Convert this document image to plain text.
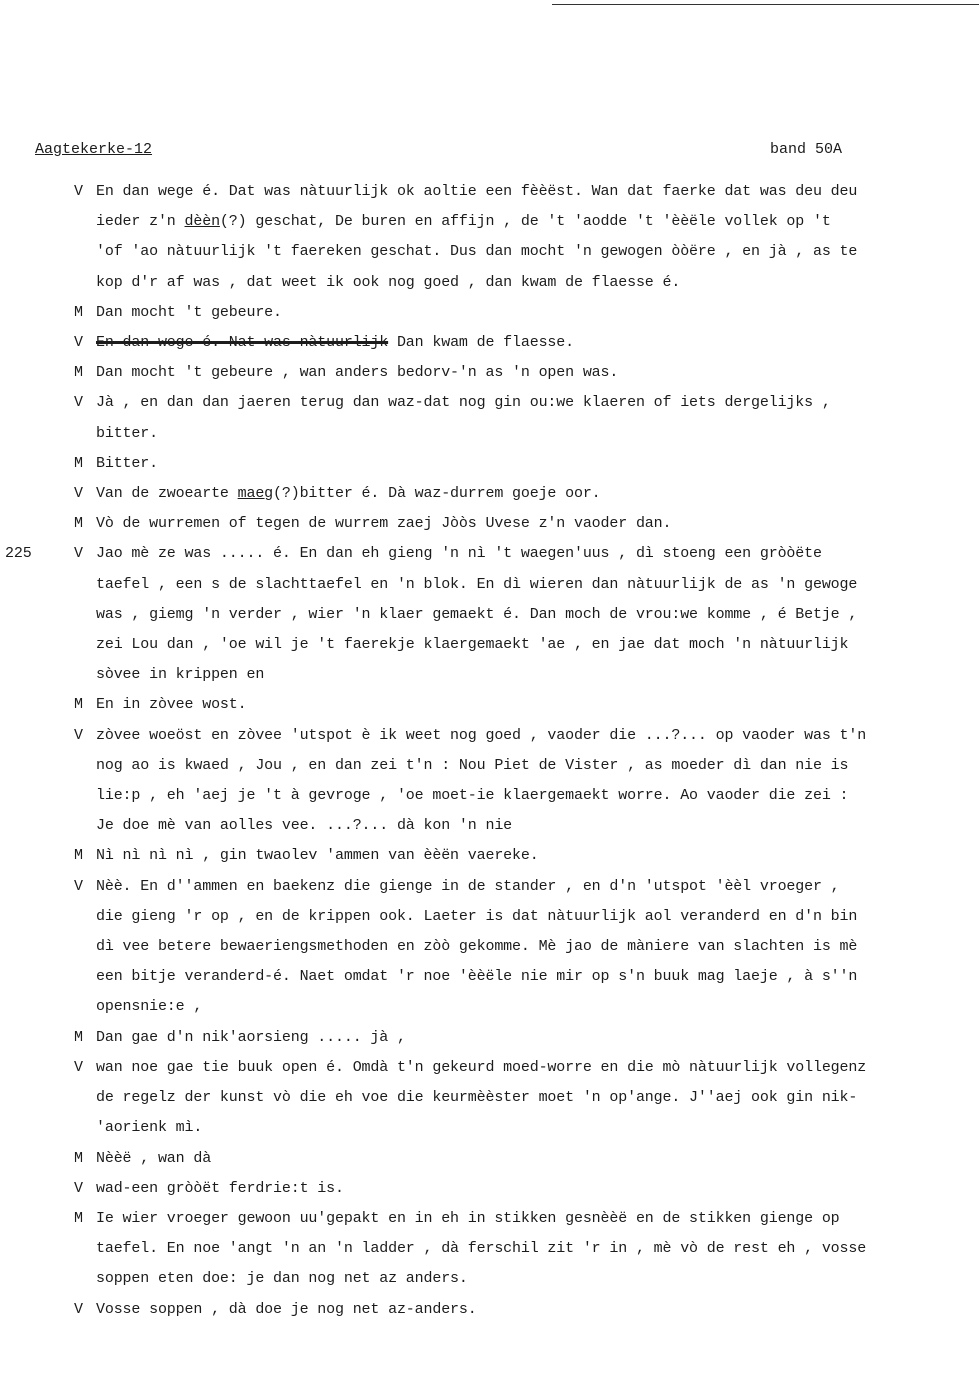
Aagtekerke-12	band 50A
V En dan wege é. Dat was nàtuurlijk ok aoltie een fèèëst. Wan dat faerke dat was deu deu
ieder z'n dèèn(?) geschat, De buren en affijn , de 't 'aodde 't 'èèële vollek op 't
'of 'ao nàtuurlijk 't faereken geschat. Dus dan mocht 'n gewogen òòëre , en jà , as te
kop d'r af was , dat weet ik ook nog goed , dan kwam de flaesse é.
M Dan mocht 't gebeure.
V En dan wege é. Nat was nàtuurlijk Dan kwam de flaesse.
M Dan mocht 't gebeure , wan anders bedorv-'n as 'n open was.
V Jà , en dan dan jaeren terug dan waz-dat nog gin ou:we klaeren of iets dergelijks ,
bitter.
M Bitter.
V Van de zwoearte maeg(?)bitter é. Dà waz-durrem goeje oor.
M Vò de wurremen of tegen de wurrem zaej Jòòs Uvese z'n vaoder dan.
225	V Jao mè ze was ..... é. En dan eh gieng 'n nì 't waegen'uus , dì stoeng een gròòëte
taefel , een s de slachttaefel en 'n blok. En dì wieren dan nàtuurlijk de as 'n gewoge
was , giemg 'n verder , wier 'n klaer gemaekt é. Dan moch de vrou:we komme , é Betje ,
zei Lou dan , 'oe wil je 't faerekje klaergemaekt 'ae , en jae dat moch 'n nàtuurlijk
sòvee in krippen en
M En in zòvee wost.
V zòvee woeöst en zòvee 'utspot è ik weet nog goed , vaoder die ...?... op vaoder was t'n
nog ao is kwaed , Jou , en dan zei t'n : Nou Piet de Vister , as moeder dì dan nie is
lie:p , eh 'aej je 't à gevroge , 'oe moet-ie klaergemaekt worre. Ao vaoder die zei :
Je doe mè van aolles vee. ...?... dà kon 'n nie
M Nì nì nì nì , gin twaolev 'ammen van èèën vaereke.
V Nèè. En d''ammen en baekenz die gienge in de stander , en d'n 'utspot 'èèl vroeger ,
die gieng 'r op , en de krippen ook. Laeter is dat nàtuurlijk aol veranderd en d'n bin
dì vee betere bewaeriengsmethoden en zòò gekomme. Mè jao de màniere van slachten is mè
een bitje veranderd-é. Naet omdat 'r noe 'èèële nie mir op s'n buuk mag laeje , à s''n
opensnie:e ,
M Dan gae d'n nik'aorsieng ..... jà ,
V wan noe gae tie buuk open é. Omdà t'n gekeurd moed-worre en die mò nàtuurlijk vollegenz
de regelz der kunst vò die eh voe die keurmèèster moet 'n op'ange. J''aej ook gin nik-
'aorienk mì.
M Nèèë , wan dà
V wad-een gròòët ferdrie:t is.
M Ie wier vroeger gewoon uu'gepakt en in eh in stikken gesnèèë en de stikken gienge op
taefel. En noe 'angt 'n an 'n ladder , dà ferschil zit 'r in , mè vò de rest eh , vosse
soppen eten doe: je dan nog net az anders.
V Vosse soppen , dà doe je nog net az-anders.
